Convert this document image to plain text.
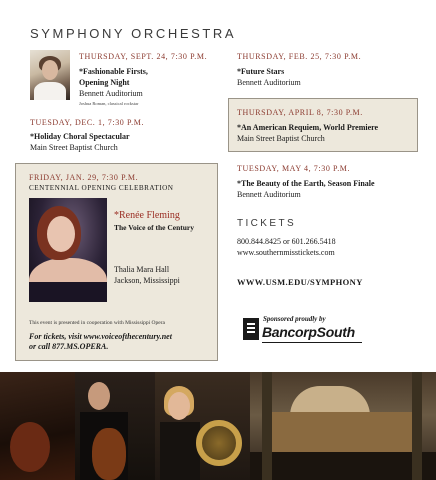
SYMPHONY ORCHESTRA
THURSDAY, SEPT. 24, 7:30 P.M.
*Fashionable Firsts,
Opening Night
Bennett Auditorium
Joshua Roman, classical rockstar
TUESDAY, DEC. 1, 7:30 P.M.
*Holiday Choral Spectacular
Main Street Baptist Church
FRIDAY, JAN. 29, 7:30 P.M.
CENTENNIAL OPENING CELEBRATION
*Renée Fleming
The Voice of the Century
Thalia Mara Hall
Jackson, Mississippi
This event is presented in cooperation with Mississippi Opera
For tickets, visit www.voiceofthecentury.net
or call 877.MS.OPERA.
THURSDAY, FEB. 25, 7:30 P.M.
*Future Stars
Bennett Auditorium
THURSDAY, APRIL 8, 7:30 P.M.
*An American Requiem, World Premiere
Main Street Baptist Church
TUESDAY, MAY 4, 7:30 P.M.
*The Beauty of the Earth, Season Finale
Bennett Auditorium
TICKETS
800.844.8425 or 601.266.5418
www.southernmisstickets.com
WWW.USM.EDU/SYMPHONY
Sponsored proudly by
BancorpSouth
